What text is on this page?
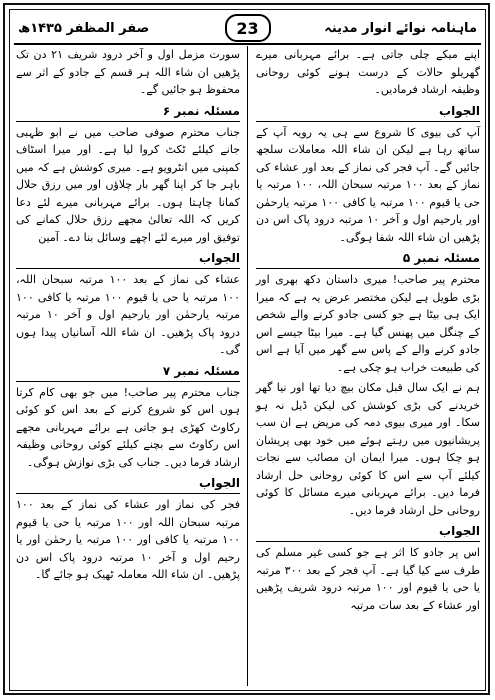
ماہنامہ نوائے انوار مدینہ
23
صفر المظفر ۱۴۳۵ھ
اپنے میکے چلی جاتی ہے۔ برائے مہربانی میرے گھریلو حالات کے درست ہونے کوئی روحانی وظیفہ ارشاد فرمادیں۔
الجواب
آپ کی بیوی کا شروع سے ہی یہ رویہ آپ کے ساتھ رہا ہے لیکن ان شاء اللہ معاملات سلجھ جائیں گے۔ آپ فجر کی نماز کے بعد اور عشاء کی نماز کے بعد ۱۰۰ مرتبہ سبحان اللہ، ۱۰۰ مرتبہ یا حی یا قیوم ۱۰۰ مرتبہ یا کافی ۱۰۰ مرتبہ یارحمٰن اور یارحیم اول و آخر ۱۰ مرتبہ درود پاک اس دن پڑھیں ان شاء اللہ شفا ہوگی۔
مسئلہ نمبر ۵
محترم پیر صاحب! میری داستان دکھ بھری اور بڑی طویل ہے لیکن مختصر عرض یہ ہے کہ میرا ایک ہی بیٹا ہے جو کسی جادو کرنے والے شخص کے چنگل میں پھنس گیا ہے۔ میرا بیٹا جیسے اس جادو کرنے والے کے پاس سے گھر میں آیا ہے اس کی طبیعت خراب ہو چکی ہے۔
ہم نے ایک سال قبل مکان بیچ دیا تھا اور نیا گھر خریدنے کی بڑی کوشش کی لیکن ڈیل نہ ہو سکا۔ اور میری بیوی دمہ کی مریض ہے ان سب پریشانیوں میں رہتے ہوئے میں خود بھی پریشان ہو چکا ہوں۔ میرا ایمان ان مصائب سے نجات کیلئے آپ سے اس کا کوئی روحانی حل ارشاد فرما دیں۔ برائے مہربانی میرے مسائل کا کوئی روحانی حل ارشاد فرما دیں۔
الجواب
اس پر جادو کا اثر ہے جو کسی غیر مسلم کی طرف سے کیا گیا ہے۔ آپ فجر کے بعد ۳۰۰ مرتبہ یا حی یا قیوم اور ۱۰۰ مرتبہ درود شریف پڑھیں اور عشاء کے بعد سات مرتبہ
سورت مزمل اول و آخر درود شریف ۲۱ دن تک پڑھیں ان شاء اللہ ہر قسم کے جادو کے اثر سے محفوظ ہو جائیں گے۔
مسئلہ نمبر ۶
جناب محترم صوفی صاحب میں نے ابو ظہبی جانے کیلئے ٹکٹ کروا لیا ہے۔ اور میرا اسٹاف کمپنی میں انٹرویو ہے۔ میری کوشش ہے کہ میں باہر جا کر اپنا گھر بار چلاؤں اور میں رزق حلال کمانا چاہتا ہوں۔ برائے مہربانی میرے لئے دعا کریں کہ اللہ تعالیٰ مجھے رزق حلال کمانے کی توفیق اور میرے لئے اچھے وسائل بنا دے۔ آمین
الجواب
عشاء کی نماز کے بعد ۱۰۰ مرتبہ سبحان اللہ، ۱۰۰ مرتبہ یا حی یا قیوم ۱۰۰ مرتبہ یا کافی ۱۰۰ مرتبہ یارحمٰن اور یارحیم اول و آخر ۱۰ مرتبہ درود پاک پڑھیں۔ ان شاء اللہ آسانیاں پیدا ہوں گی۔
مسئلہ نمبر ۷
جناب محترم پیر صاحب! میں جو بھی کام کرتا ہوں اس کو شروع کرنے کے بعد اس کو کوئی رکاوٹ کھڑی ہو جاتی ہے برائے مہربانی مجھے اس رکاوٹ سے بچنے کیلئے کوئی روحانی وظیفہ ارشاد فرما دیں۔ جناب کی بڑی نوازش ہوگی۔
الجواب
فجر کی نماز اور عشاء کی نماز کے بعد ۱۰۰ مرتبہ سبحان اللہ اور ۱۰۰ مرتبہ یا حی یا قیوم ۱۰۰ مرتبہ یا کافی اور ۱۰۰ مرتبہ یا رحمٰن اور یا رحیم اول و آخر ۱۰ مرتبہ درود پاک اس دن پڑھیں۔ ان شاء اللہ معاملہ ٹھیک ہو جائے گا۔
